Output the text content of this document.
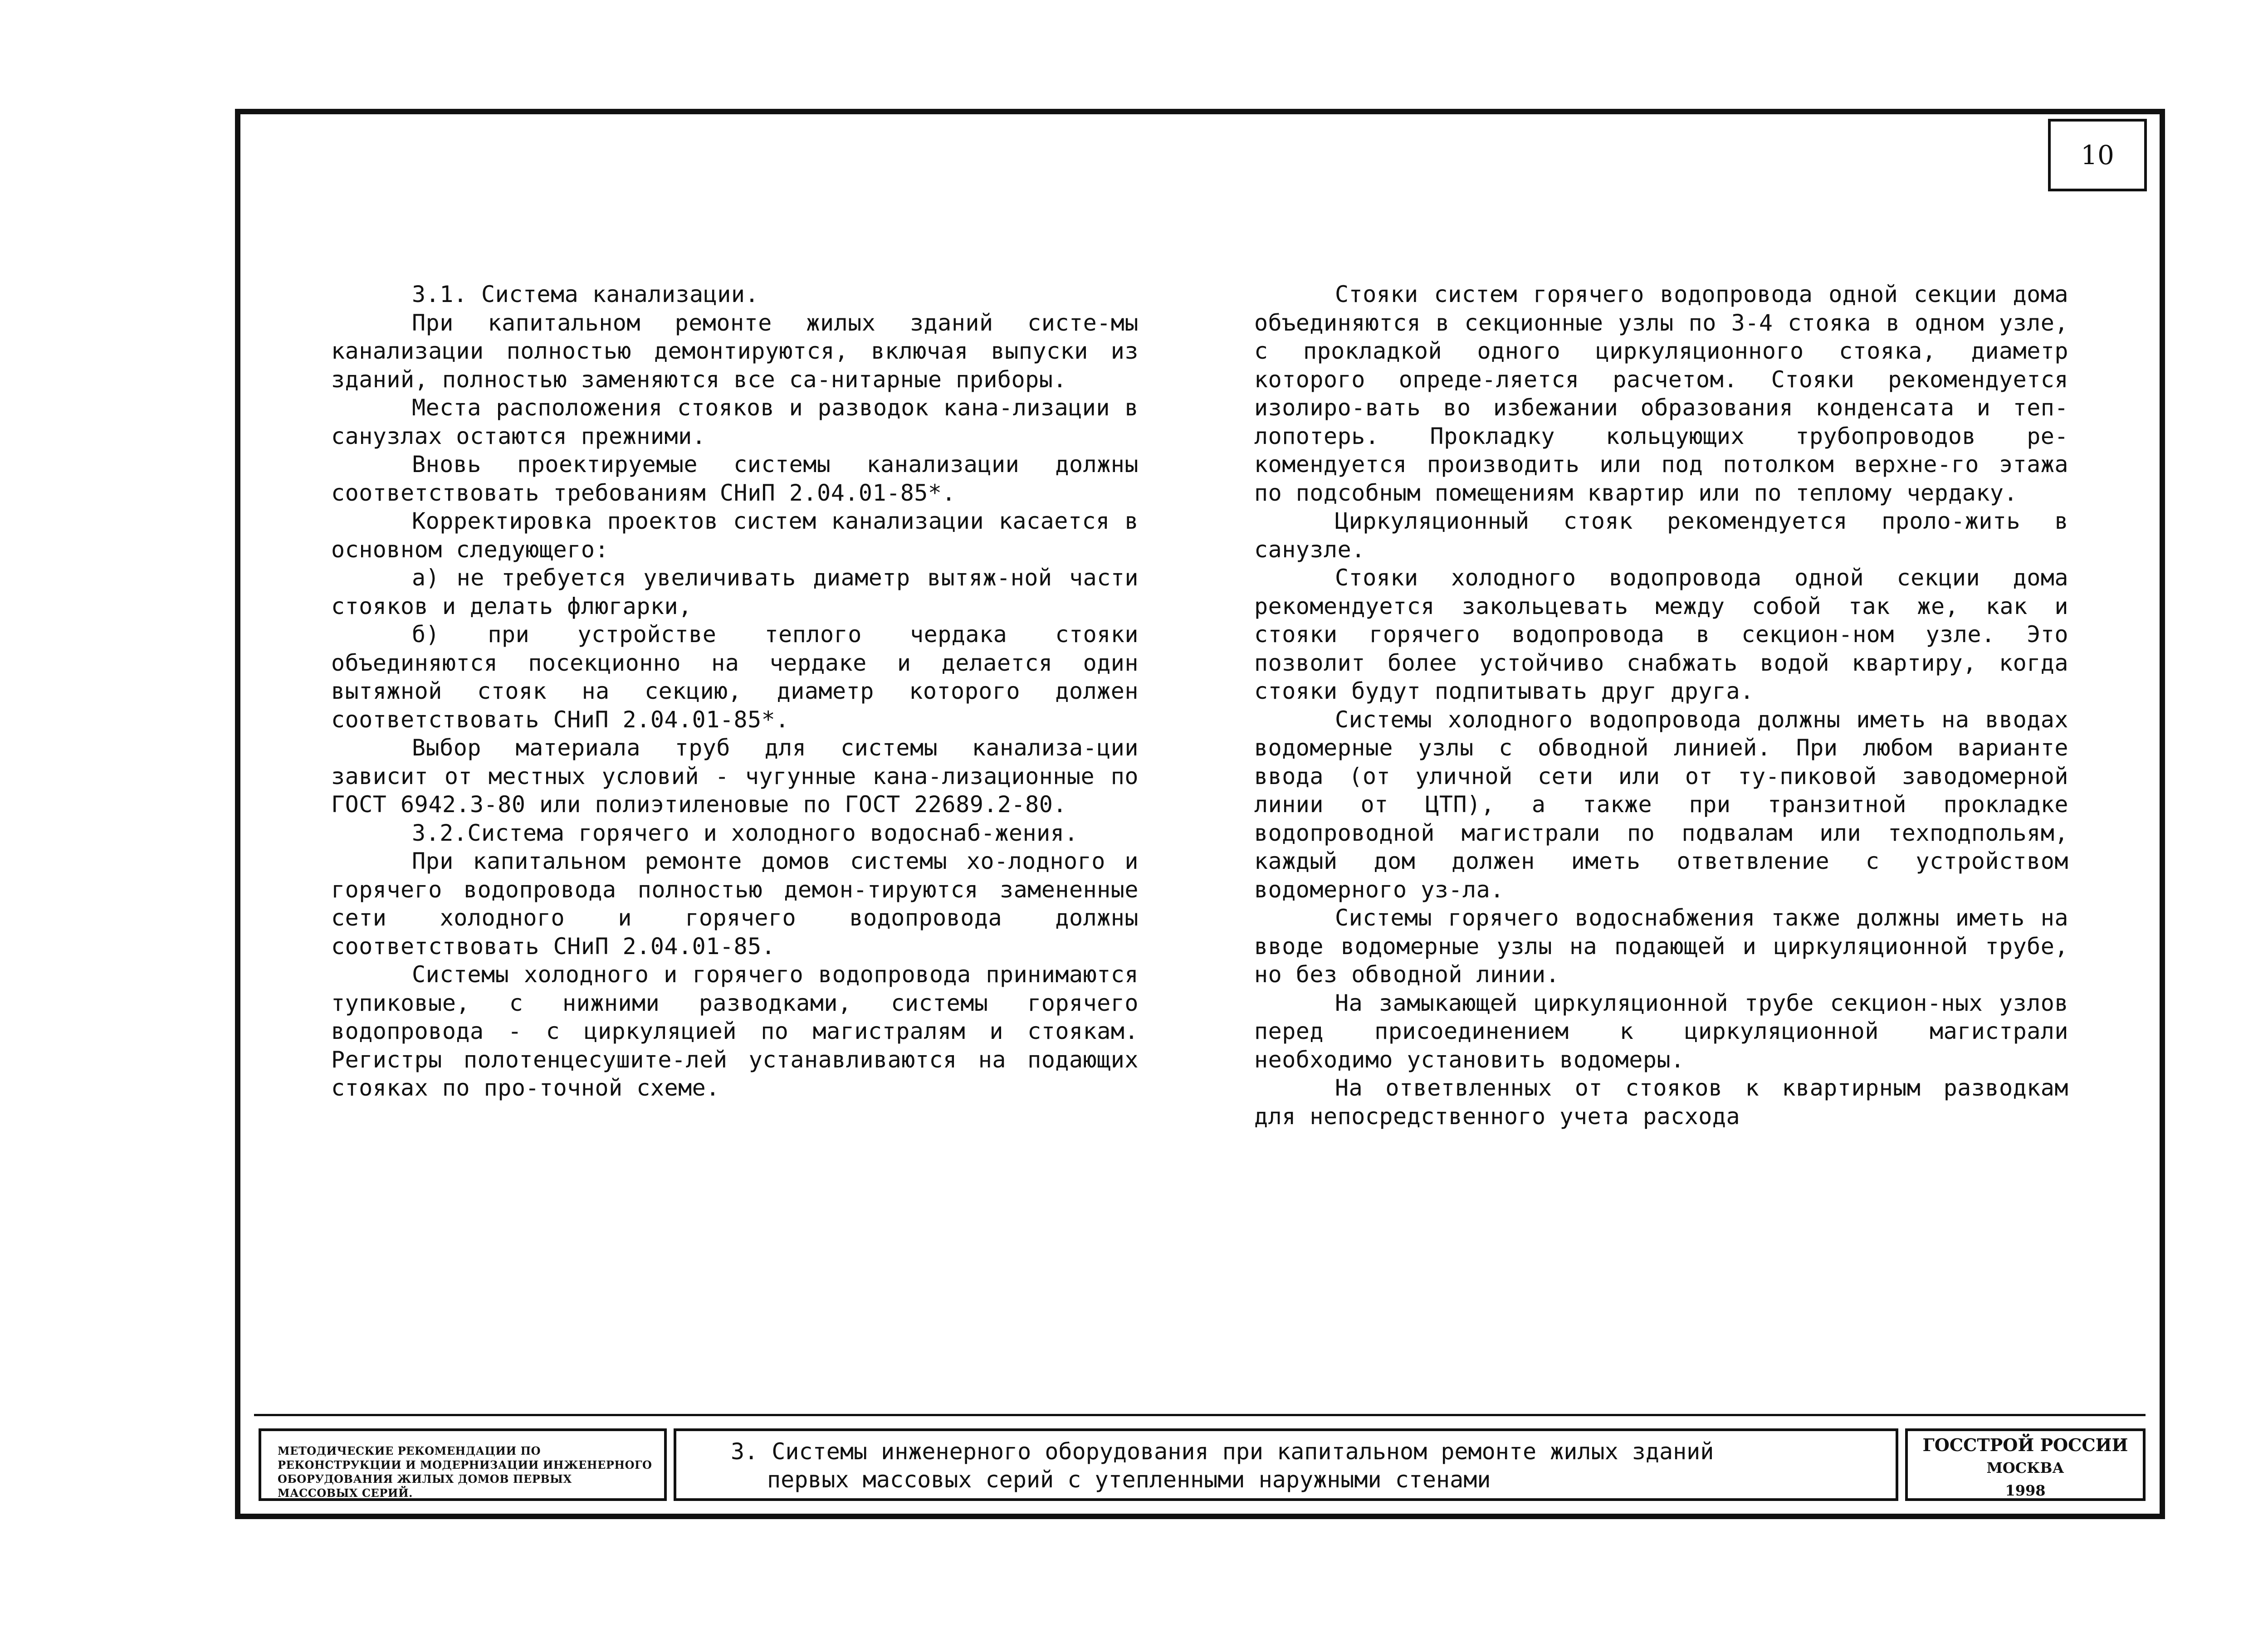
10

3.1. Система канализации.

При капитальном ремонте жилых зданий систе-мы канализации полностью демонтируются, включая выпуски из зданий, полностью заменяются все са-нитарные приборы.

Места расположения стояков и разводок кана-лизации в санузлах остаются прежними.

Вновь проектируемые системы канализации должны соответствовать требованиям СНиП 2.04.01-85*.

Корректировка проектов систем канализации касается в основном следующего:

а) не требуется увеличивать диаметр вытяж-ной части стояков и делать флюгарки,

б) при устройстве теплого чердака стояки объединяются посекционно на чердаке и делается один вытяжной стояк на секцию, диаметр которого должен соответствовать СНиП 2.04.01-85*.

Выбор материала труб для системы канализа-ции зависит от местных условий - чугунные кана-лизационные по ГОСТ 6942.3-80 или полиэтиленовые по ГОСТ 22689.2-80.

3.2.Система горячего и холодного водоснаб-жения.

При капитальном ремонте домов системы хо-лодного и горячего водопровода полностью демон-тируются замененные сети холодного и горячего водопровода должны соответствовать СНиП 2.04.01-85.

Системы холодного и горячего водопровода принимаются тупиковые, с нижними разводками, системы горячего водопровода - с циркуляцией по магистралям и стоякам. Регистры полотенцесушите-лей устанавливаются на подающих стояках по про-точной схеме.

Стояки систем горячего водопровода одной секции дома объединяются в секционные узлы по 3-4 стояка в одном узле, с прокладкой одного циркуляционного стояка, диаметр которого опреде-ляется расчетом. Стояки рекомендуется изолиро-вать во избежании образования конденсата и теп-лопотерь. Прокладку кольцующих трубопроводов ре-комендуется производить или под потолком верхне-го этажа по подсобным помещениям квартир или по теплому чердаку.

Циркуляционный стояк рекомендуется проло-жить в санузле.

Стояки холодного водопровода одной секции дома рекомендуется закольцевать между собой так же, как и стояки горячего водопровода в секцион-ном узле. Это позволит более устойчиво снабжать водой квартиру, когда стояки будут подпитывать друг друга.

Системы холодного водопровода должны иметь на вводах водомерные узлы с обводной линией. При любом варианте ввода (от уличной сети или от ту-пиковой заводомерной линии от ЦТП), а также при транзитной прокладке водопроводной магистрали по подвалам или техподпольям, каждый дом должен иметь ответвление с устройством водомерного уз-ла.

Системы горячего водоснабжения также должны иметь на вводе водомерные узлы на подающей и циркуляционной трубе, но без обводной линии.

На замыкающей циркуляционной трубе секцион-ных узлов перед присоединением к циркуляционной магистрали необходимо установить водомеры.

На ответвленных от стояков к квартирным разводкам для непосредственного учета расхода

МЕТОДИЧЕСКИЕ РЕКОМЕНДАЦИИ ПО РЕКОНСТРУКЦИИ И МОДЕРНИЗАЦИИ ИНЖЕНЕРНОГО ОБОРУДОВАНИЯ ЖИЛЫХ ДОМОВ ПЕРВЫХ МАССОВЫХ СЕРИЙ.
3. Системы инженерного оборудования при капитальном ремонте жилых зданий
первых массовых серий с утепленными наружными стенами
ГОССТРОЙ РОССИИ
МОСКВА
1998
